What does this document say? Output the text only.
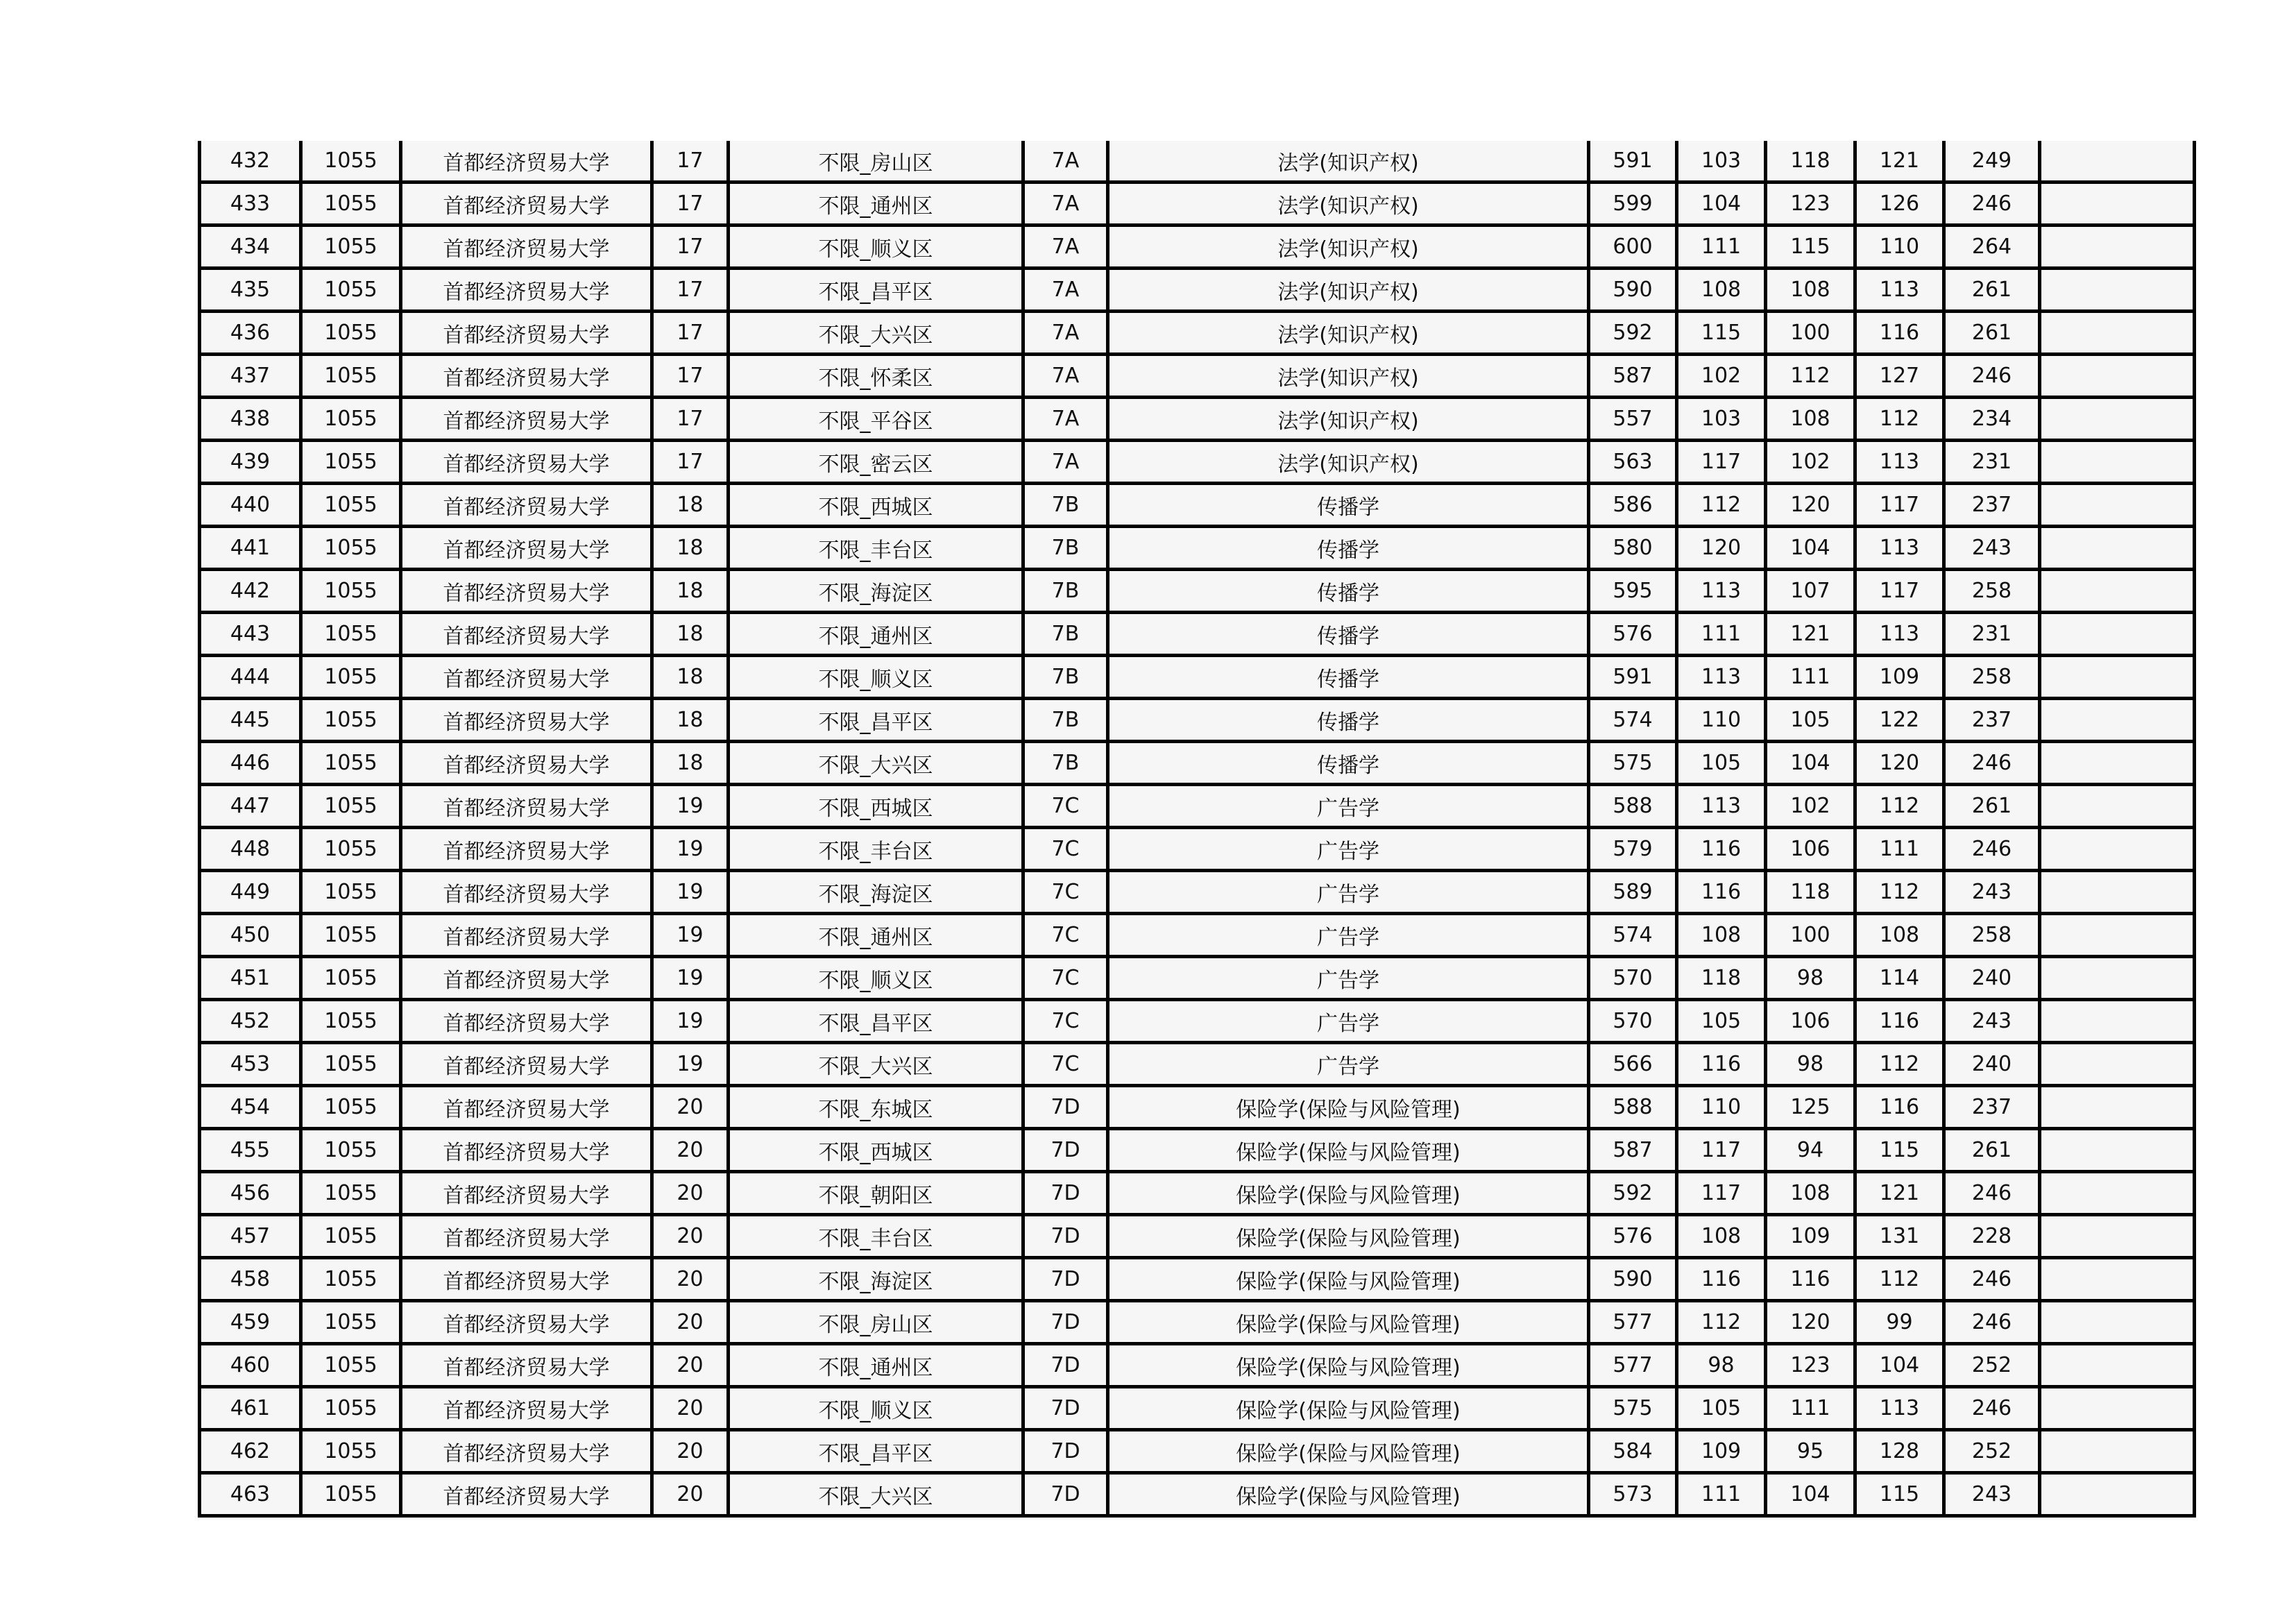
432	1055	首都经济贸易大学	17	不限_房山区	7A	法学(知识产权)	591	103	118	121	249	
433	1055	首都经济贸易大学	17	不限_通州区	7A	法学(知识产权)	599	104	123	126	246	
434	1055	首都经济贸易大学	17	不限_顺义区	7A	法学(知识产权)	600	111	115	110	264	
435	1055	首都经济贸易大学	17	不限_昌平区	7A	法学(知识产权)	590	108	108	113	261	
436	1055	首都经济贸易大学	17	不限_大兴区	7A	法学(知识产权)	592	115	100	116	261	
437	1055	首都经济贸易大学	17	不限_怀柔区	7A	法学(知识产权)	587	102	112	127	246	
438	1055	首都经济贸易大学	17	不限_平谷区	7A	法学(知识产权)	557	103	108	112	234	
439	1055	首都经济贸易大学	17	不限_密云区	7A	法学(知识产权)	563	117	102	113	231	
440	1055	首都经济贸易大学	18	不限_西城区	7B	传播学	586	112	120	117	237	
441	1055	首都经济贸易大学	18	不限_丰台区	7B	传播学	580	120	104	113	243	
442	1055	首都经济贸易大学	18	不限_海淀区	7B	传播学	595	113	107	117	258	
443	1055	首都经济贸易大学	18	不限_通州区	7B	传播学	576	111	121	113	231	
444	1055	首都经济贸易大学	18	不限_顺义区	7B	传播学	591	113	111	109	258	
445	1055	首都经济贸易大学	18	不限_昌平区	7B	传播学	574	110	105	122	237	
446	1055	首都经济贸易大学	18	不限_大兴区	7B	传播学	575	105	104	120	246	
447	1055	首都经济贸易大学	19	不限_西城区	7C	广告学	588	113	102	112	261	
448	1055	首都经济贸易大学	19	不限_丰台区	7C	广告学	579	116	106	111	246	
449	1055	首都经济贸易大学	19	不限_海淀区	7C	广告学	589	116	118	112	243	
450	1055	首都经济贸易大学	19	不限_通州区	7C	广告学	574	108	100	108	258	
451	1055	首都经济贸易大学	19	不限_顺义区	7C	广告学	570	118	98	114	240	
452	1055	首都经济贸易大学	19	不限_昌平区	7C	广告学	570	105	106	116	243	
453	1055	首都经济贸易大学	19	不限_大兴区	7C	广告学	566	116	98	112	240	
454	1055	首都经济贸易大学	20	不限_东城区	7D	保险学(保险与风险管理)	588	110	125	116	237	
455	1055	首都经济贸易大学	20	不限_西城区	7D	保险学(保险与风险管理)	587	117	94	115	261	
456	1055	首都经济贸易大学	20	不限_朝阳区	7D	保险学(保险与风险管理)	592	117	108	121	246	
457	1055	首都经济贸易大学	20	不限_丰台区	7D	保险学(保险与风险管理)	576	108	109	131	228	
458	1055	首都经济贸易大学	20	不限_海淀区	7D	保险学(保险与风险管理)	590	116	116	112	246	
459	1055	首都经济贸易大学	20	不限_房山区	7D	保险学(保险与风险管理)	577	112	120	99	246	
460	1055	首都经济贸易大学	20	不限_通州区	7D	保险学(保险与风险管理)	577	98	123	104	252	
461	1055	首都经济贸易大学	20	不限_顺义区	7D	保险学(保险与风险管理)	575	105	111	113	246	
462	1055	首都经济贸易大学	20	不限_昌平区	7D	保险学(保险与风险管理)	584	109	95	128	252	
463	1055	首都经济贸易大学	20	不限_大兴区	7D	保险学(保险与风险管理)	573	111	104	115	243	
